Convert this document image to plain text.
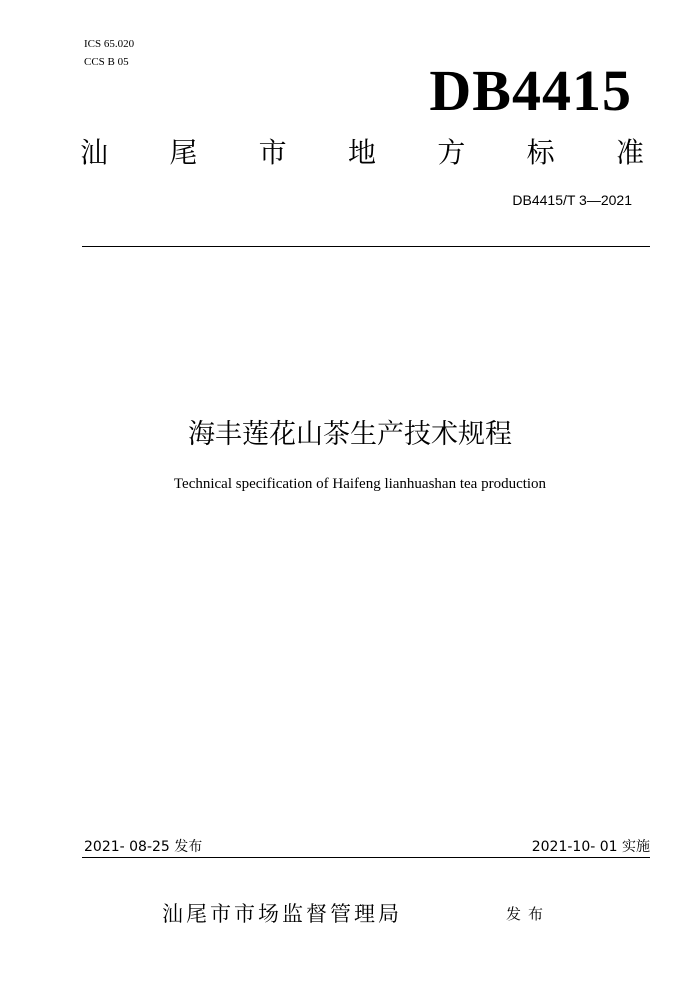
ICS 65.020
CCS B 05	DB4415
汕 尾 市 地 方 标 准
DB4415/T 3—2021
海丰莲花山茶生产技术规程
Technical specification of Haifeng lianhuashan tea production
2021- 08-25 发布	2021-10- 01 实施
汕尾市市场监督管理局	发布
